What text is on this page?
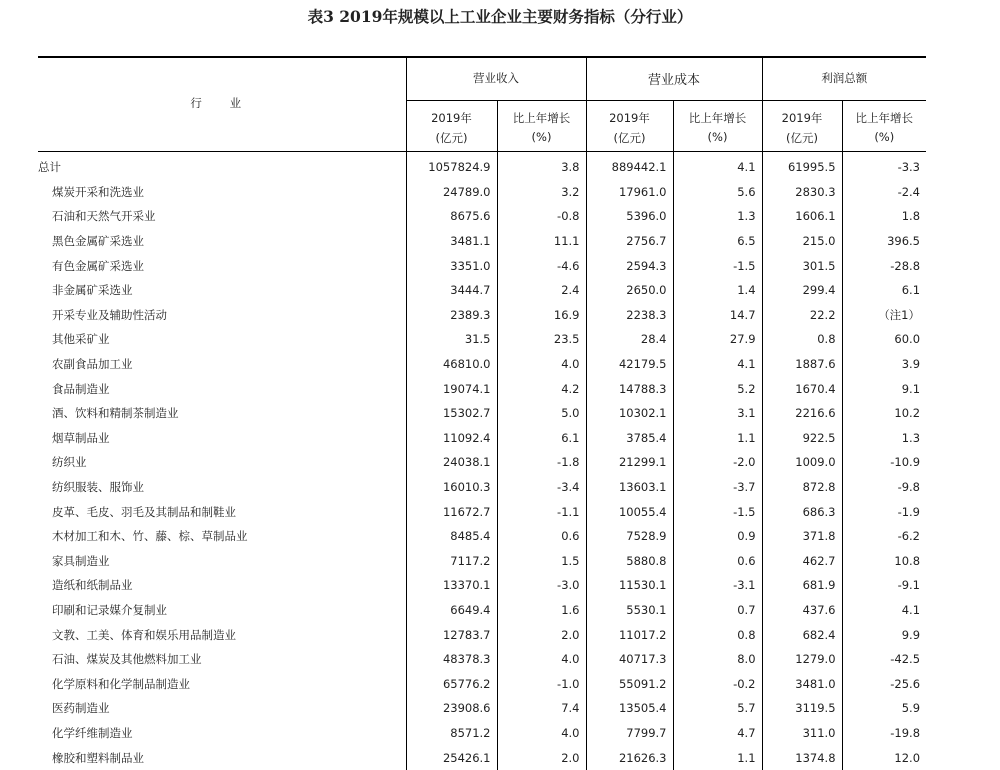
表3 2019年规模以上工业企业主要财务指标（分行业）
行 业	营业收入		营业成本		利润总额	
	2019年	比上年增长	2019年	比上年增长	2019年	比上年增长
	(亿元)	(%)	(亿元)	(%)	(亿元)	(%)
总计	1057824.9	3.8	889442.1	4.1	61995.5	-3.3
煤炭开采和洗选业	24789.0	3.2	17961.0	5.6	2830.3	-2.4
石油和天然气开采业	8675.6	-0.8	5396.0	1.3	1606.1	1.8
黑色金属矿采选业	3481.1	11.1	2756.7	6.5	215.0	396.5
有色金属矿采选业	3351.0	-4.6	2594.3	-1.5	301.5	-28.8
非金属矿采选业	3444.7	2.4	2650.0	1.4	299.4	6.1
开采专业及辅助性活动	2389.3	16.9	2238.3	14.7	22.2	（注1）
其他采矿业	31.5	23.5	28.4	27.9	0.8	60.0
农副食品加工业	46810.0	4.0	42179.5	4.1	1887.6	3.9
食品制造业	19074.1	4.2	14788.3	5.2	1670.4	9.1
酒、饮料和精制茶制造业	15302.7	5.0	10302.1	3.1	2216.6	10.2
烟草制品业	11092.4	6.1	3785.4	1.1	922.5	1.3
纺织业	24038.1	-1.8	21299.1	-2.0	1009.0	-10.9
纺织服装、服饰业	16010.3	-3.4	13603.1	-3.7	872.8	-9.8
皮革、毛皮、羽毛及其制品和制鞋业	11672.7	-1.1	10055.4	-1.5	686.3	-1.9
木材加工和木、竹、藤、棕、草制品业	8485.4	0.6	7528.9	0.9	371.8	-6.2
家具制造业	7117.2	1.5	5880.8	0.6	462.7	10.8
造纸和纸制品业	13370.1	-3.0	11530.1	-3.1	681.9	-9.1
印刷和记录媒介复制业	6649.4	1.6	5530.1	0.7	437.6	4.1
文教、工美、体育和娱乐用品制造业	12783.7	2.0	11017.2	0.8	682.4	9.9
石油、煤炭及其他燃料加工业	48378.3	4.0	40717.3	8.0	1279.0	-42.5
化学原料和化学制品制造业	65776.2	-1.0	55091.2	-0.2	3481.0	-25.6
医药制造业	23908.6	7.4	13505.4	5.7	3119.5	5.9
化学纤维制造业	8571.2	4.0	7799.7	4.7	311.0	-19.8
橡胶和塑料制品业	25426.1	2.0	21626.3	1.1	1374.8	12.0
